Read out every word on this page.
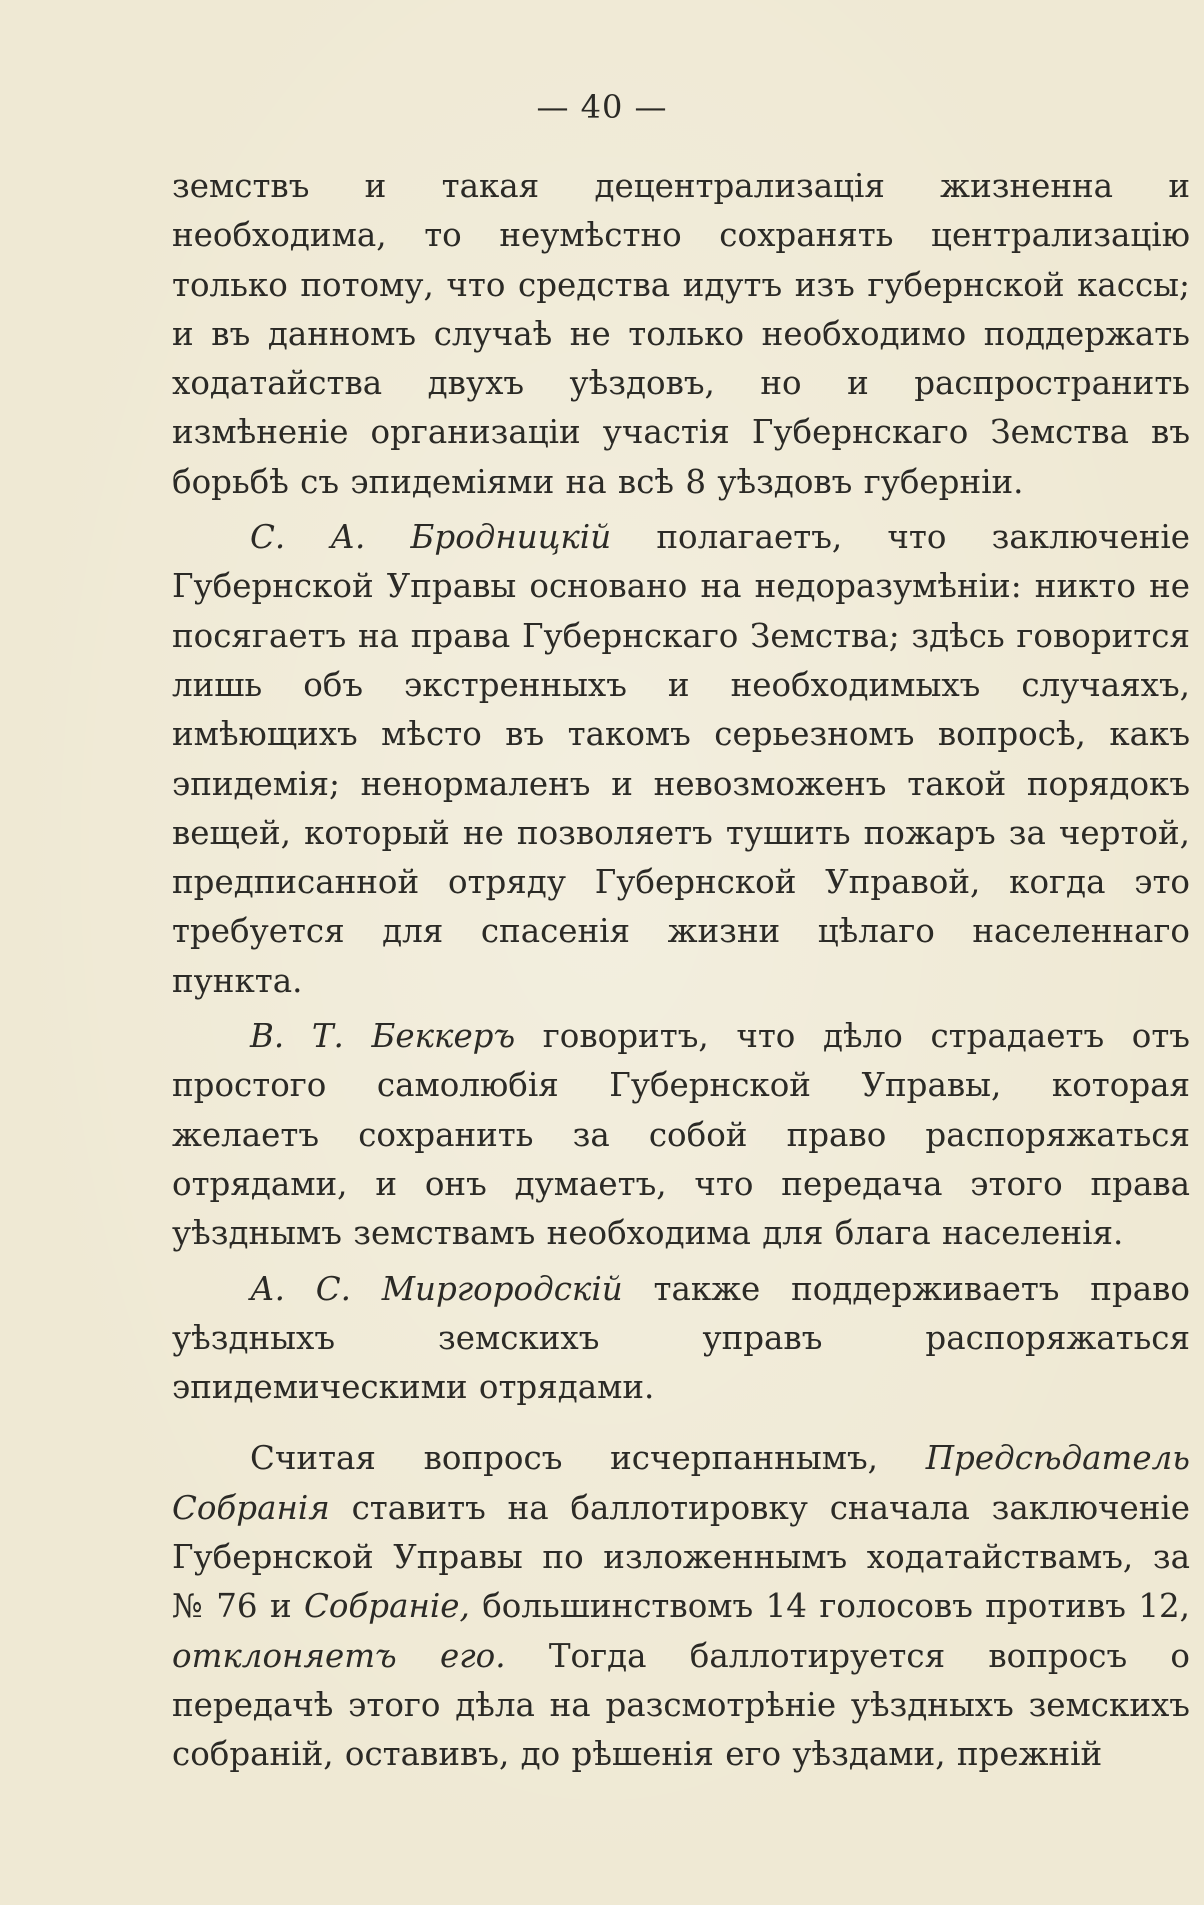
— 40 —

земствъ и такая децентрализація жизненна и необходима, то неумѣстно сохранять централизацію только потому, что средства идутъ изъ губернской кассы; и въ данномъ случаѣ не только необходимо поддержать ходатайства двухъ уѣздовъ, но и распространить измѣненіе организаціи участія Губернскаго Земства въ борьбѣ съ эпидеміями на всѣ 8 уѣздовъ губерніи.

С. А. Бродницкій полагаетъ, что заключеніе Губернской Управы основано на недоразумѣніи: никто не посягаетъ на права Губернскаго Земства; здѣсь говорится лишь объ экстренныхъ и необходимыхъ случаяхъ, имѣющихъ мѣсто въ такомъ серьезномъ вопросѣ, какъ эпидемія; ненормаленъ и невозможенъ такой порядокъ вещей, который не позволяетъ тушить пожаръ за чертой, предписанной отряду Губернской Управой, когда это требуется для спасенія жизни цѣлаго населеннаго пункта.

В. Т. Беккеръ говоритъ, что дѣло страдаетъ отъ простого самолюбія Губернской Управы, которая желаетъ сохранить за собой право распоряжаться отрядами, и онъ думаетъ, что передача этого права уѣзднымъ земствамъ необходима для блага населенія.

А. С. Миргородскій также поддерживаетъ право уѣздныхъ земскихъ управъ распоряжаться эпидемическими отрядами.

Считая вопросъ исчерпаннымъ, Предсѣдатель Собранія ставитъ на баллотировку сначала заключеніе Губернской Управы по изложеннымъ ходатайствамъ, за № 76 и Собраніе, большинствомъ 14 голосовъ противъ 12, отклоняетъ его. Тогда баллотируется вопросъ о передачѣ этого дѣла на разсмотрѣніе уѣздныхъ земскихъ собраній, оставивъ, до рѣшенія его уѣздами, прежній
